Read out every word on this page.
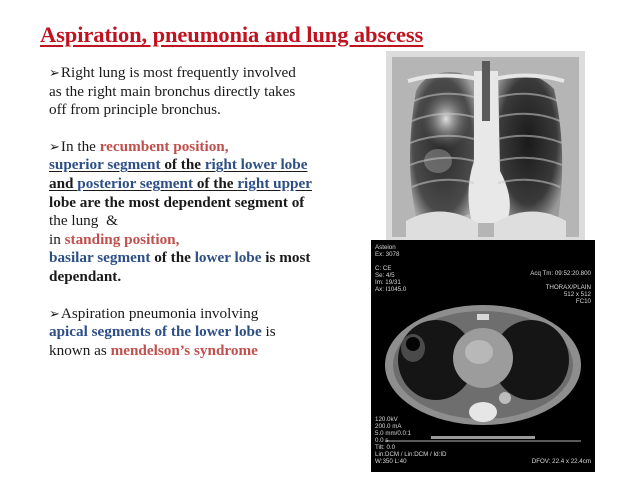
Aspiration, pneumonia and lung abscess

➢Right lung is most frequently involved
as the right main bronchus directly takes
off from principle bronchus.

➢In the recumbent position,
superior segment of the right lower lobe
and posterior segment of the right upper
lobe are the most dependent segment of
the lung &
in standing position,
basilar segment of the lower lobe is most
dependant.

➢Aspiration pneumonia involving
apical segments of the lower lobe is
known as mendelson’s syndrome

Asteion
Ex: 3078

C: CE
Se: 4/5
Im: 19/31
Ax: I1045.0
Acq Tm: 09:52:20.800

THORAX/PLAIN
512 x 512
FC10
120.0kV
200.0 mA
5.0 mm/0.0:1
0.0 s
Tilt: 0.0
Lin:DCM / Lin:DCM / Id:ID
W:350 L:40	DFOV: 22.4 x 22.4cm
